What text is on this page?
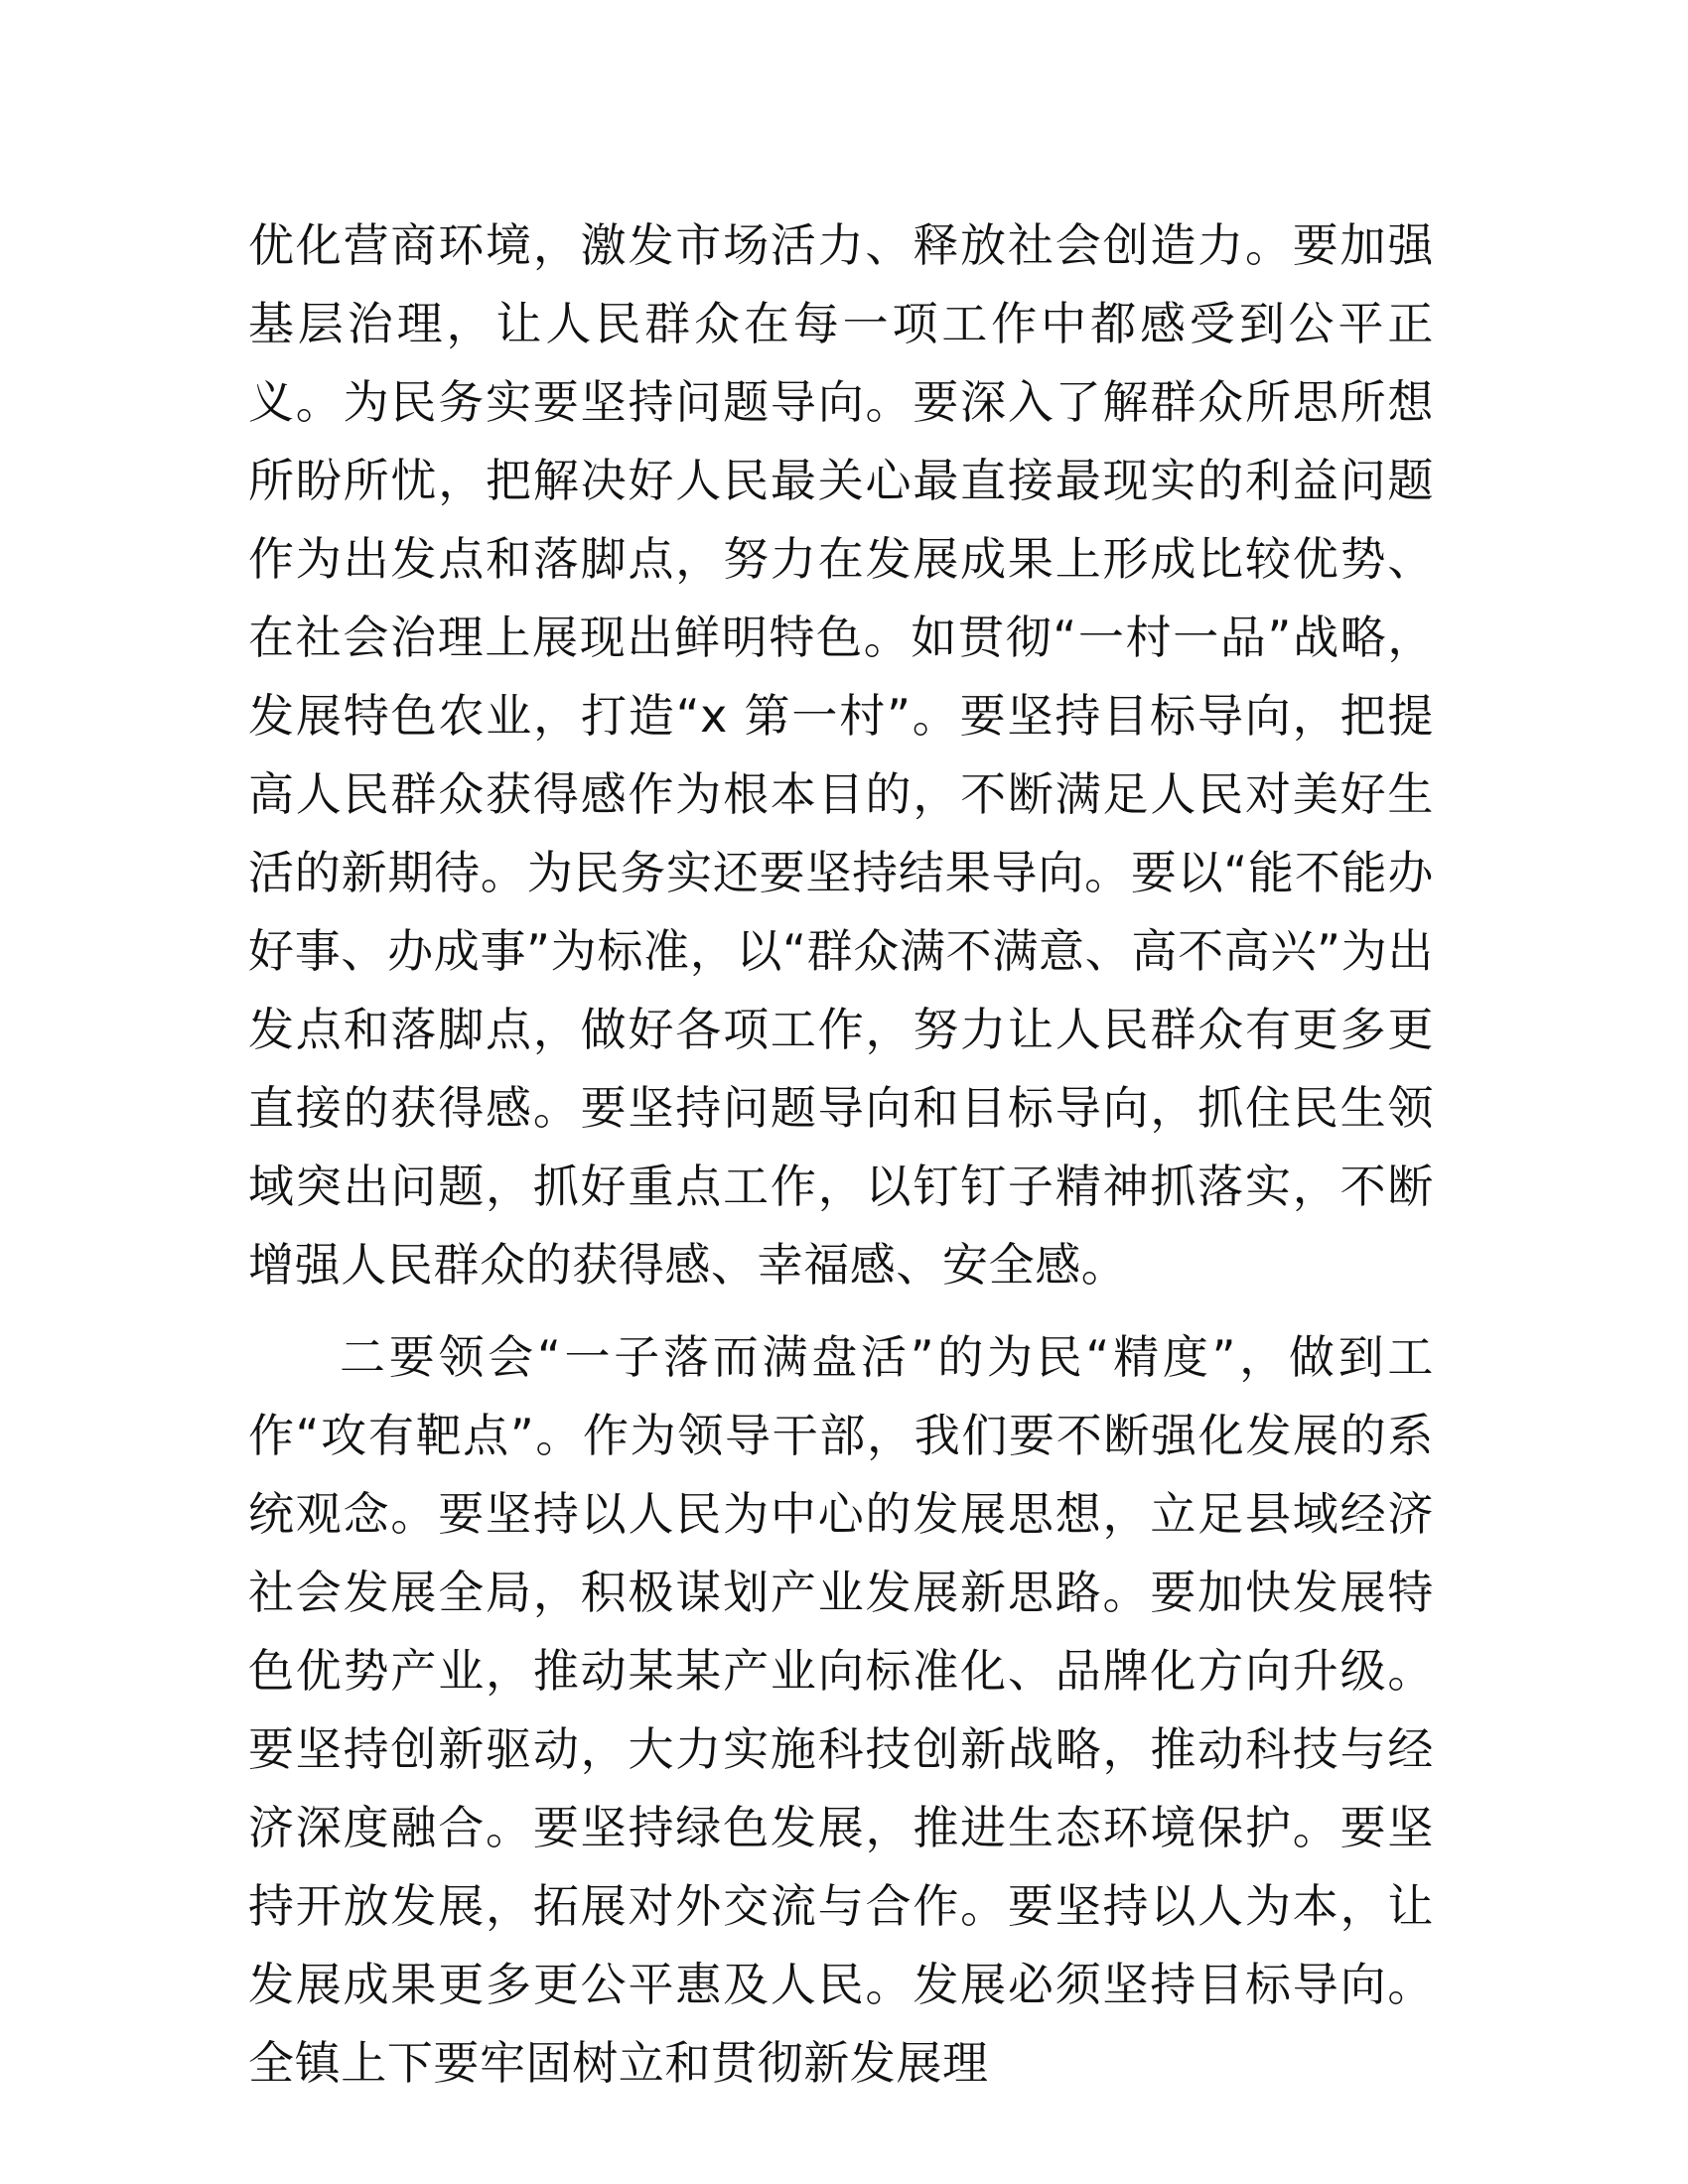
优化营商环境，激发市场活力、释放社会创造力。要加强基层治理，让人民群众在每一项工作中都感受到公平正义。为民务实要坚持问题导向。要深入了解群众所思所想所盼所忧，把解决好人民最关心最直接最现实的利益问题作为出发点和落脚点，努力在发展成果上形成比较优势、在社会治理上展现出鲜明特色。如贯彻“一村一品”战略，发展特色农业，打造“x 第一村”。要坚持目标导向，把提高人民群众获得感作为根本目的，不断满足人民对美好生活的新期待。为民务实还要坚持结果导向。要以“能不能办好事、办成事”为标准，以“群众满不满意、高不高兴”为出发点和落脚点，做好各项工作，努力让人民群众有更多更直接的获得感。要坚持问题导向和目标导向，抓住民生领域突出问题，抓好重点工作，以钉钉子精神抓落实，不断增强人民群众的获得感、幸福感、安全感。

二要领会“一子落而满盘活”的为民“精度”，做到工作“攻有靶点”。作为领导干部，我们要不断强化发展的系统观念。要坚持以人民为中心的发展思想，立足县域经济社会发展全局，积极谋划产业发展新思路。要加快发展特色优势产业，推动某某产业向标准化、品牌化方向升级。要坚持创新驱动，大力实施科技创新战略，推动科技与经济深度融合。要坚持绿色发展，推进生态环境保护。要坚持开放发展，拓展对外交流与合作。要坚持以人为本，让发展成果更多更公平惠及人民。发展必须坚持目标导向。全镇上下要牢固树立和贯彻新发展理
